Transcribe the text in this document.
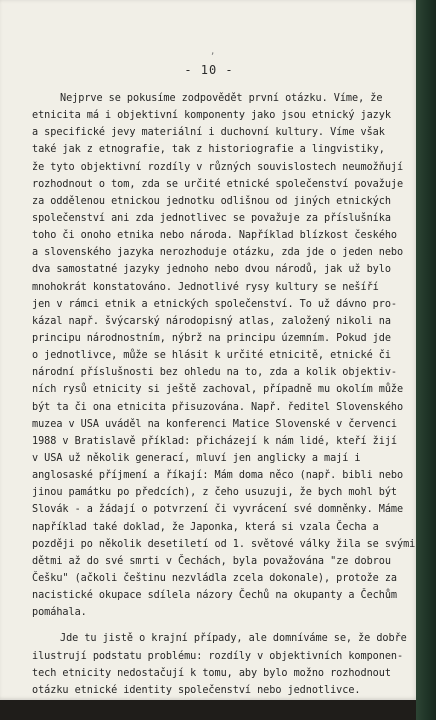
,
- 10 -
Nejprve se pokusíme zodpovědět první otázku. Víme, že
etnicita má i objektivní komponenty jako jsou etnický jazyk
a specifické jevy materiální i duchovní kultury. Víme však
také jak z etnografie, tak z historiografie a lingvistiky,
že tyto objektivní rozdíly v různých souvislostech neumožňují
rozhodnout o tom, zda se určité etnické společenství považuje
za oddělenou etnickou jednotku odlišnou od jiných etnických
společenství ani zda jednotlivec se považuje za příslušníka
toho či onoho etnika nebo národa. Například blízkost českého
a slovenského jazyka nerozhoduje otázku, zda jde o jeden nebo
dva samostatné jazyky jednoho nebo dvou národů, jak už bylo
mnohokrát konstatováno. Jednotlivé rysy kultury se nešíří
jen v rámci etnik a etnických společenství. To už dávno pro-
kázal např. švýcarský národopisný atlas, založený nikoli na
principu národnostním, nýbrž na principu územním. Pokud jde
o jednotlivce, může se hlásit k určité etnicitě, etnické či
národní příslušnosti bez ohledu na to, zda a kolik objektiv-
ních rysů etnicity si ještě zachoval, případně mu okolím může
být ta či ona etnicita přisuzována. Např. ředitel Slovenského
muzea v USA uváděl na konferenci Matice Slovenské v červenci
1988 v Bratislavě příklad: přicházejí k nám lidé, kteří žijí
v USA už několik generací, mluví jen anglicky a mají i
anglosaské příjmení a říkají: Mám doma něco (např. bibli nebo
jinou památku po předcích), z čeho usuzuji, že bych mohl být
Slovák - a žádají o potvrzení či vyvrácení své domněnky. Máme
například také doklad, že Japonka, která si vzala Čecha a
později po několik desetiletí od 1. světové války žila se svými
dětmi až do své smrti v Čechách, byla považována "ze dobrou
Češku" (ačkoli češtinu nezvládla zcela dokonale), protože za
nacistické okupace sdílela názory Čechů na okupanty a Čechům
pomáhala.
Jde tu jistě o krajní případy, ale domníváme se, že dobře
ilustrují podstatu problému: rozdíly v objektivních komponen-
tech etnicity nedostačují k tomu, aby bylo možno rozhodnout
otázku etnické identity společenství nebo jednotlivce.
